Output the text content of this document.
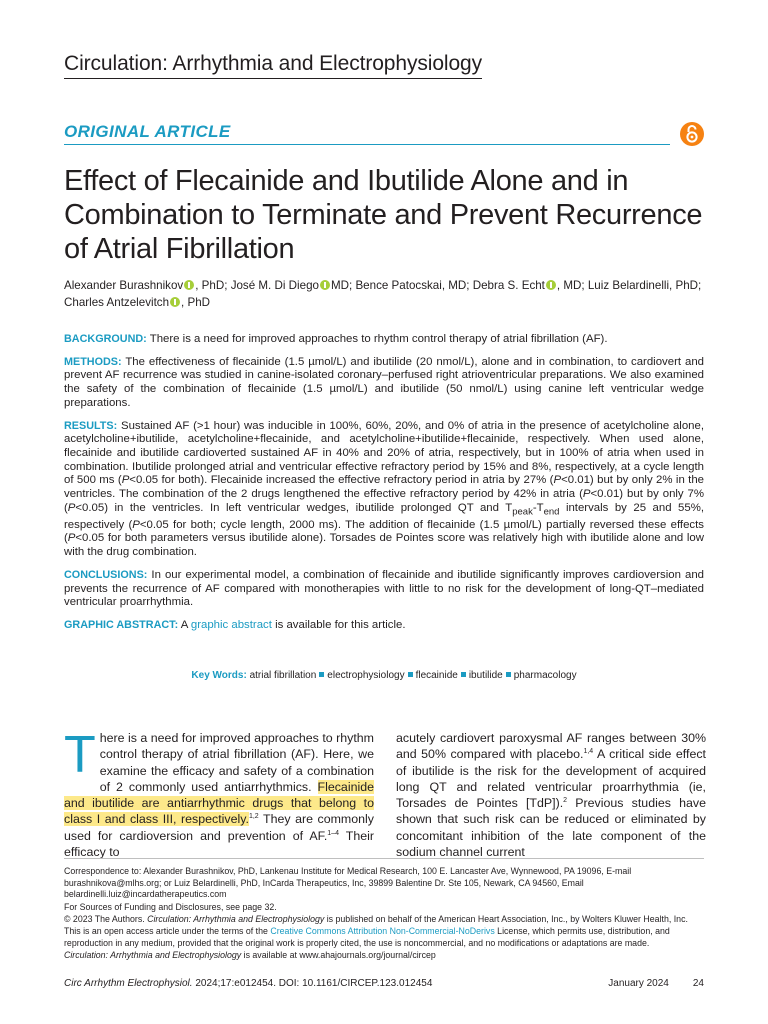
Circulation: Arrhythmia and Electrophysiology
ORIGINAL ARTICLE
Effect of Flecainide and Ibutilide Alone and in Combination to Terminate and Prevent Recurrence of Atrial Fibrillation
Alexander Burashnikov , PhD; José M. Di Diego MD; Bence Patocskai, MD; Debra S. Echt , MD; Luiz Belardinelli, PhD;
Charles Antzelevitch , PhD

BACKGROUND: There is a need for improved approaches to rhythm control therapy of atrial fibrillation (AF).

METHODS: The effectiveness of flecainide (1.5 µmol/L) and ibutilide (20 nmol/L), alone and in combination, to cardiovert and prevent AF recurrence was studied in canine-isolated coronary–perfused right atrioventricular preparations. We also examined the safety of the combination of flecainide (1.5 µmol/L) and ibutilide (50 nmol/L) using canine left ventricular wedge preparations.

RESULTS: Sustained AF (>1 hour) was inducible in 100%, 60%, 20%, and 0% of atria in the presence of acetylcholine alone, acetylcholine+ibutilide, acetylcholine+flecainide, and acetylcholine+ibutilide+flecainide, respectively. When used alone, flecainide and ibutilide cardioverted sustained AF in 40% and 20% of atria, respectively, but in 100% of atria when used in combination. Ibutilide prolonged atrial and ventricular effective refractory period by 15% and 8%, respectively, at a cycle length of 500 ms (P<0.05 for both). Flecainide increased the effective refractory period in atria by 27% (P<0.01) but by only 2% in the ventricles. The combination of the 2 drugs lengthened the effective refractory period by 42% in atria (P<0.01) but by only 7% (P<0.05) in the ventricles. In left ventricular wedges, ibutilide prolonged QT and $T_{peak}-T_{end}$ intervals by 25 and 55%, respectively (P<0.05 for both; cycle length, 2000 ms). The addition of flecainide (1.5 µmol/L) partially reversed these effects (P<0.05 for both parameters versus ibutilide alone). Torsades de Pointes score was relatively high with ibutilide alone and low with the drug combination.

CONCLUSIONS: In our experimental model, a combination of flecainide and ibutilide significantly improves cardioversion and prevents the recurrence of AF compared with monotherapies with little to no risk for the development of long-QT–mediated ventricular proarrhythmia.

GRAPHIC ABSTRACT: A graphic abstract is available for this article.

Key Words: atrial fibrillation electrophysiology flecainide ibutilide pharmacology
There is a need for improved approaches to rhythm control therapy of atrial fibrillation (AF). Here, we examine the efficacy and safety of a combination of 2 commonly used antiarrhythmics. Flecainide and ibutilide are antiarrhythmic drugs that belong to class I and class III, respectively.$^{1,2}$ They are commonly used for cardioversion and prevention of AF.$^{1-4}$ Their efficacy to
acutely cardiovert paroxysmal AF ranges between 30% and 50% compared with placebo.$^{1,4}$ A critical side effect of ibutilide is the risk for the development of acquired long QT and related ventricular proarrhythmia (ie, Torsades de Pointes [TdP]).$^2$ Previous studies have shown that such risk can be reduced or eliminated by concomitant inhibition of the late component of the sodium channel current
Correspondence to: Alexander Burashnikov, PhD, Lankenau Institute for Medical Research, 100 E. Lancaster Ave, Wynnewood, PA 19096, E-mail burashnikova@mlhs.org; or Luiz Belardinelli, PhD, InCarda Therapeutics, Inc, 39899 Balentine Dr. Ste 105, Newark, CA 94560, Email belardinelli.luiz@incardatherapeutics.com
For Sources of Funding and Disclosures, see page 32.
© 2023 The Authors. Circulation: Arrhythmia and Electrophysiology is published on behalf of the American Heart Association, Inc., by Wolters Kluwer Health, Inc. This is an open access article under the terms of the Creative Commons Attribution Non-Commercial-NoDerivs License, which permits use, distribution, and reproduction in any medium, provided that the original work is properly cited, the use is noncommercial, and no modifications or adaptations are made.
Circulation: Arrhythmia and Electrophysiology is available at www.ahajournals.org/journal/circep
Circ Arrhythm Electrophysiol. 2024;17:e012454. DOI: 10.1161/CIRCEP.123.012454	January 2024 24
